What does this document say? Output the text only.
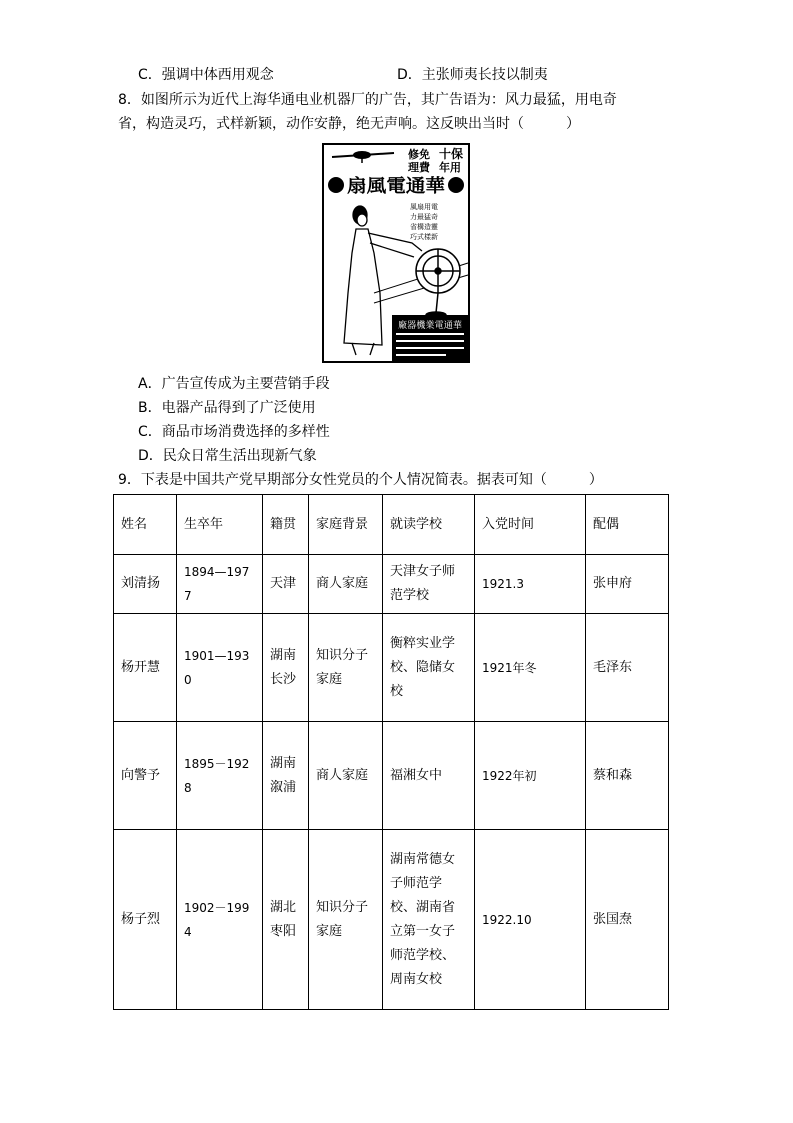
C．强调中体西用观念	D．主张师夷长技以制夷
8．如图所示为近代上海华通电业机器厂的广告，其广告语为：风力最猛，用电奇
省，构造灵巧，式样新颖，动作安静，绝无声响。这反映出当时（　　　）
修免
理費
十保
年用
扇風電通華
風扇用電
力最猛奇
省構造靈
巧式樣新
廠器機業電通華
A．广告宣传成为主要营销手段
B．电器产品得到了广泛使用
C．商品市场消费选择的多样性
D．民众日常生活出现新气象
9．下表是中国共产党早期部分女性党员的个人情况简表。据表可知（　　　）
姓名	生卒年	籍贯	家庭背景	就读学校	入党时间	配偶
刘清扬	1894—1977	天津	商人家庭	天津女子师范学校	1921.3	张申府
杨开慧	1901—1930	湖南长沙	知识分子家庭	衡粹实业学校、隐储女校	1921年冬	毛泽东
向警予	1895－1928	湖南溆浦	商人家庭	福湘女中	1922年初	蔡和森
杨子烈	1902－1994	湖北枣阳	知识分子家庭	湖南常德女子师范学校、湖南省立第一女子师范学校、周南女校	1922.10	张国焘
